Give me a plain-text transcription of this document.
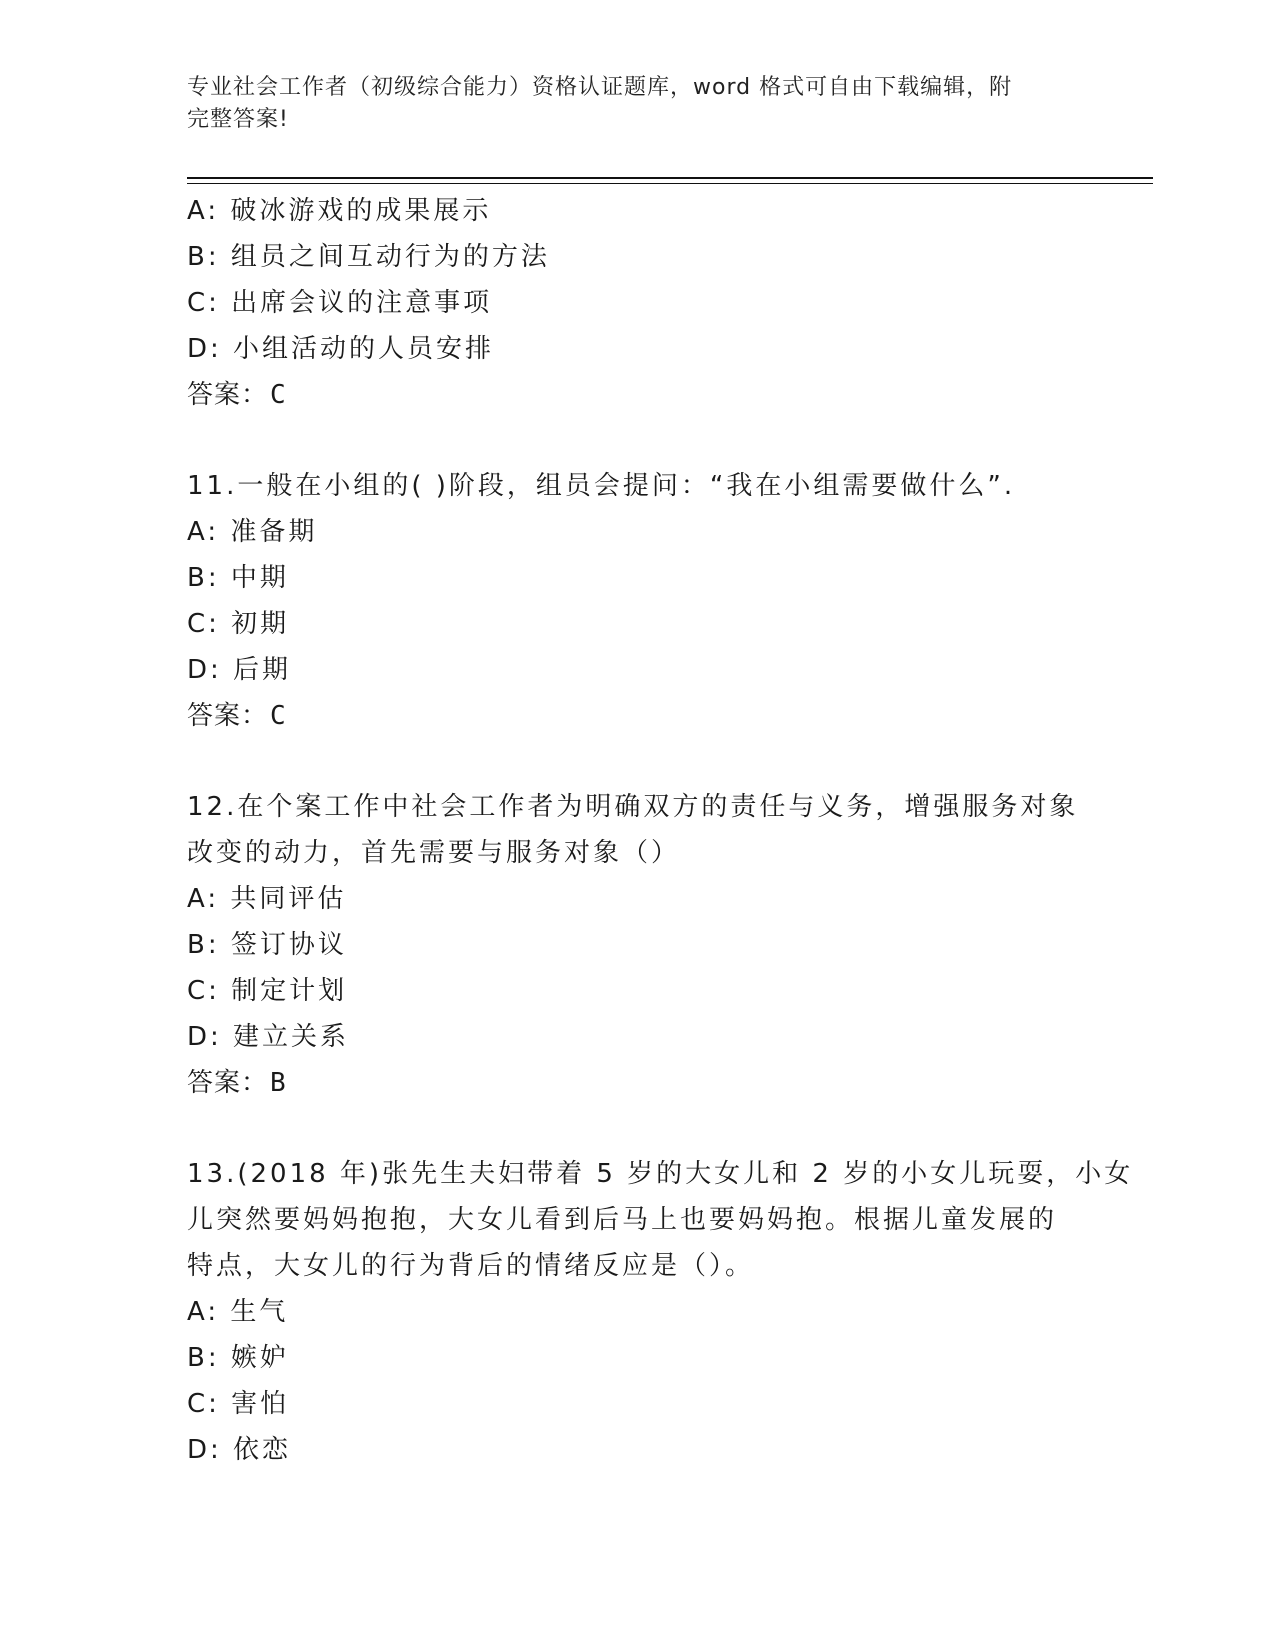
专业社会工作者（初级综合能力）资格认证题库，word 格式可自由下载编辑，附
完整答案!
A: 破冰游戏的成果展示
B: 组员之间互动行为的方法
C: 出席会议的注意事项
D: 小组活动的人员安排
答案：C
11.一般在小组的( )阶段，组员会提问：“我在小组需要做什么”.
A: 准备期
B: 中期
C: 初期
D: 后期
答案：C
12.在个案工作中社会工作者为明确双方的责任与义务，增强服务对象
改变的动力，首先需要与服务对象（）
A: 共同评估
B: 签订协议
C: 制定计划
D: 建立关系
答案：B
13.(2018 年)张先生夫妇带着 5 岁的大女儿和 2 岁的小女儿玩耍，小女
儿突然要妈妈抱抱，大女儿看到后马上也要妈妈抱。根据儿童发展的
特点，大女儿的行为背后的情绪反应是（）。
A: 生气
B: 嫉妒
C: 害怕
D: 依恋
